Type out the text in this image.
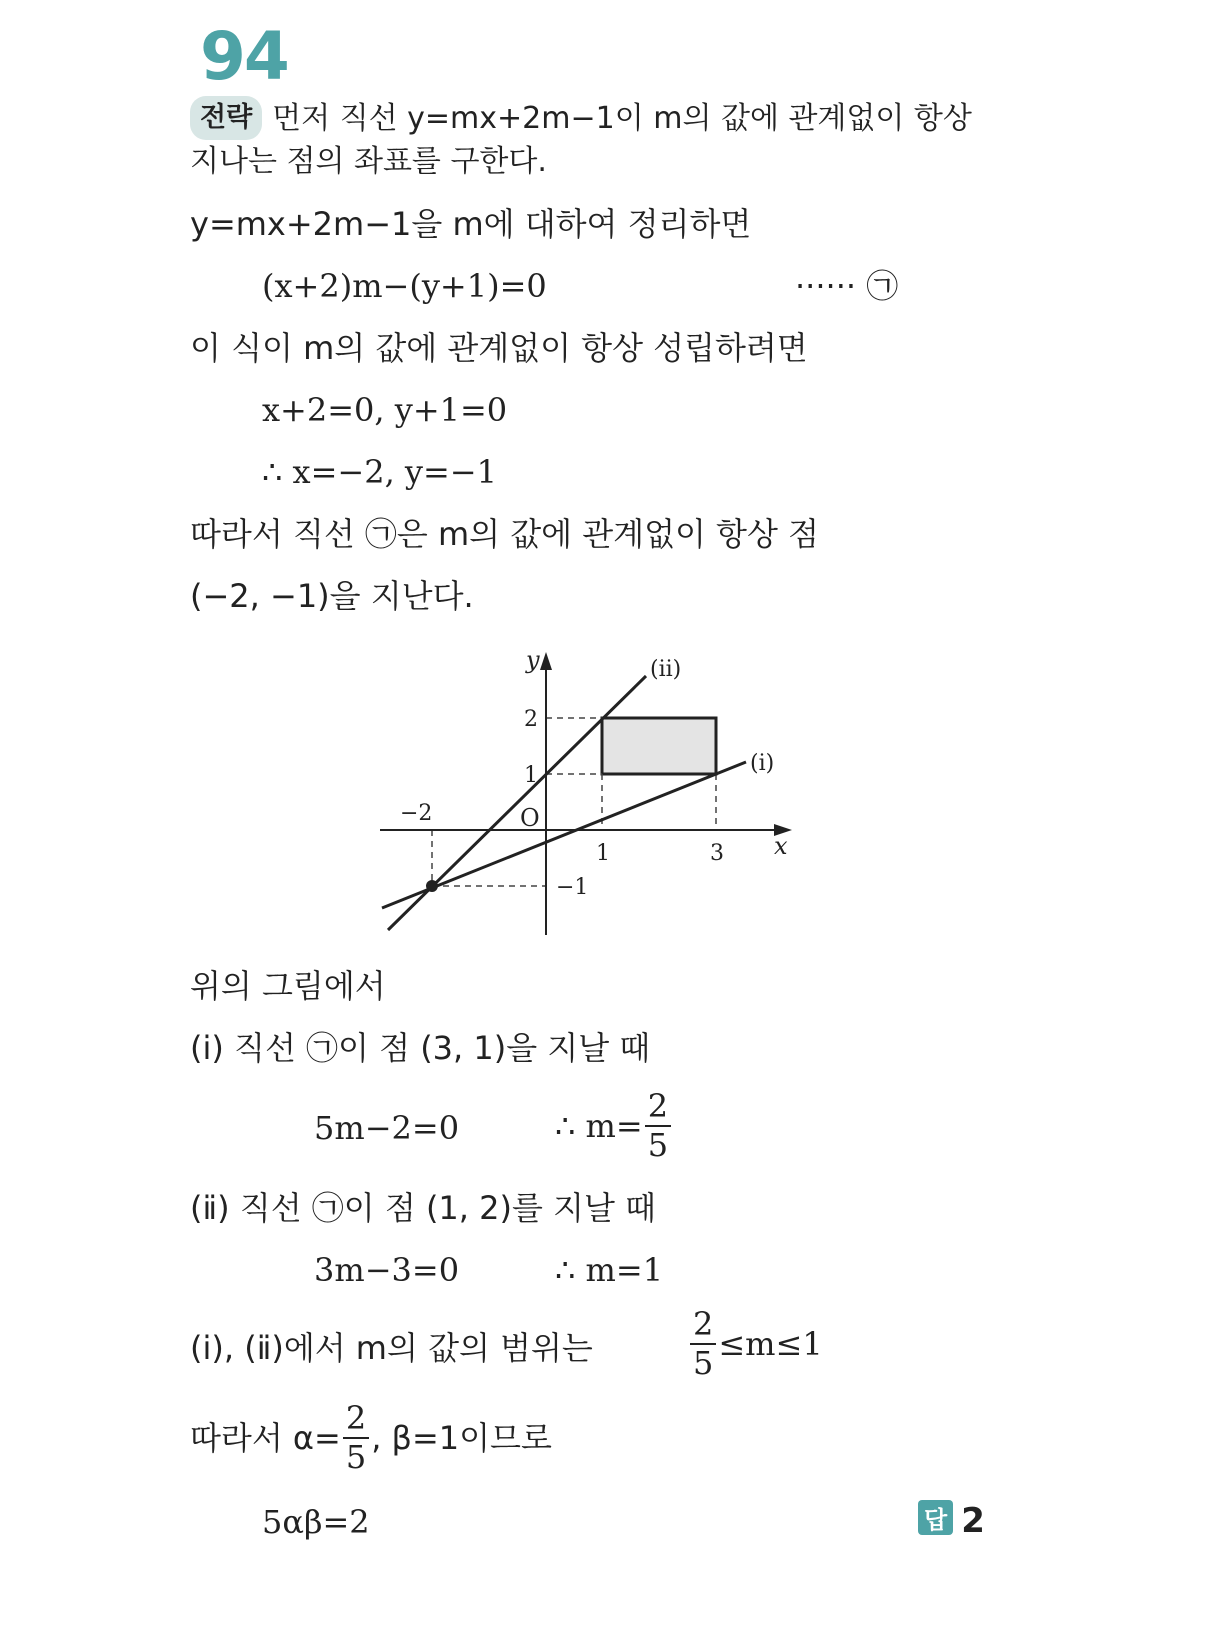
94
전략 먼저 직선 y=mx+2m−1이 m의 값에 관계없이 항상
지나는 점의 좌표를 구한다.
y=mx+2m−1을 m에 대하여 정리하면
(x+2)m−(y+1)=0	······ ㉠
이 식이 m의 값에 관계없이 항상 성립하려면
x+2=0, y+1=0
∴ x=−2, y=−1
따라서 직선 ㉠은 m의 값에 관계없이 항상 점
(−2, −1)을 지난다.
y
x
O
(ⅱ)
(ⅰ)
2
1
−1
−2
1	3
위의 그림에서
(ⅰ) 직선 ㉠이 점 (3, 1)을 지날 때
5m−2=0	∴ $m= \frac{2}{5}$
(ⅱ) 직선 ㉠이 점 (1, 2)를 지날 때
3m−3=0	∴ m=1
(ⅰ), (ⅱ)에서 m의 값의 범위는	$\frac{2}{5} \le m\le 1$
따라서 $\alpha= \frac{2}{5}$ , β=1이므로
5αβ=2	답 2
